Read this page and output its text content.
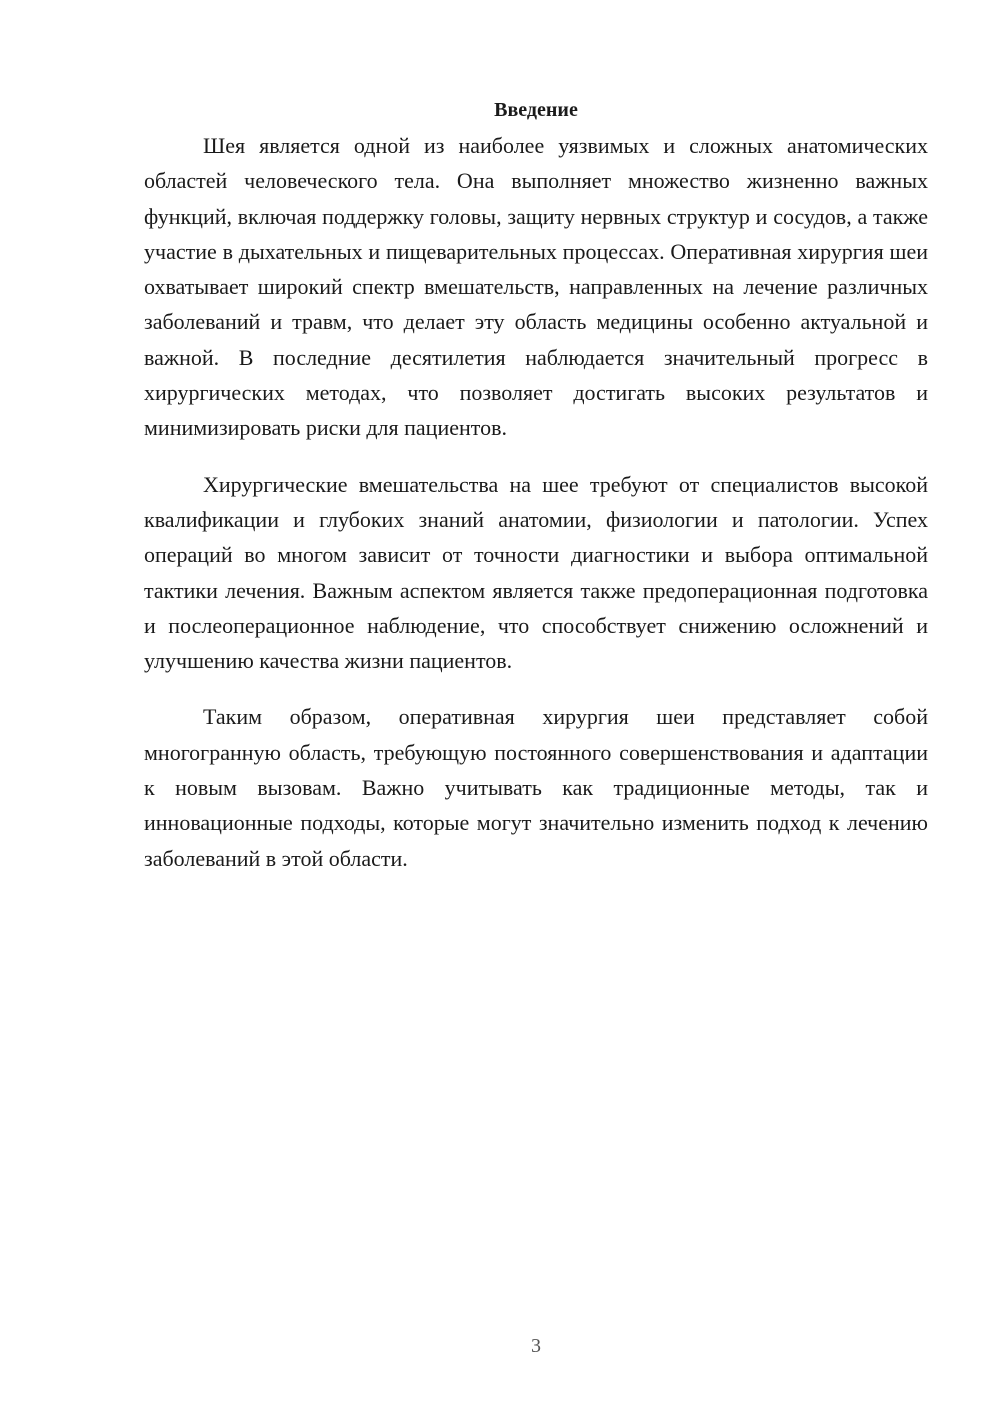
Введение

Шея является одной из наиболее уязвимых и сложных анатомических областей человеческого тела. Она выполняет множество жизненно важных функций, включая поддержку головы, защиту нервных структур и сосудов, а также участие в дыхательных и пищеварительных процессах. Оперативная хирургия шеи охватывает широкий спектр вмешательств, направленных на лечение различных заболеваний и травм, что делает эту область медицины особенно актуальной и важной. В последние десятилетия наблюдается значительный прогресс в хирургических методах, что позволяет достигать высоких результатов и минимизировать риски для пациентов.

Хирургические вмешательства на шее требуют от специалистов высокой квалификации и глубоких знаний анатомии, физиологии и патологии. Успех операций во многом зависит от точности диагностики и выбора оптимальной тактики лечения. Важным аспектом является также предоперационная подготовка и послеоперационное наблюдение, что способствует снижению осложнений и улучшению качества жизни пациентов.

Таким образом, оперативная хирургия шеи представляет собой многогранную область, требующую постоянного совершенствования и адаптации к новым вызовам. Важно учитывать как традиционные методы, так и инновационные подходы, которые могут значительно изменить подход к лечению заболеваний в этой области.

3
